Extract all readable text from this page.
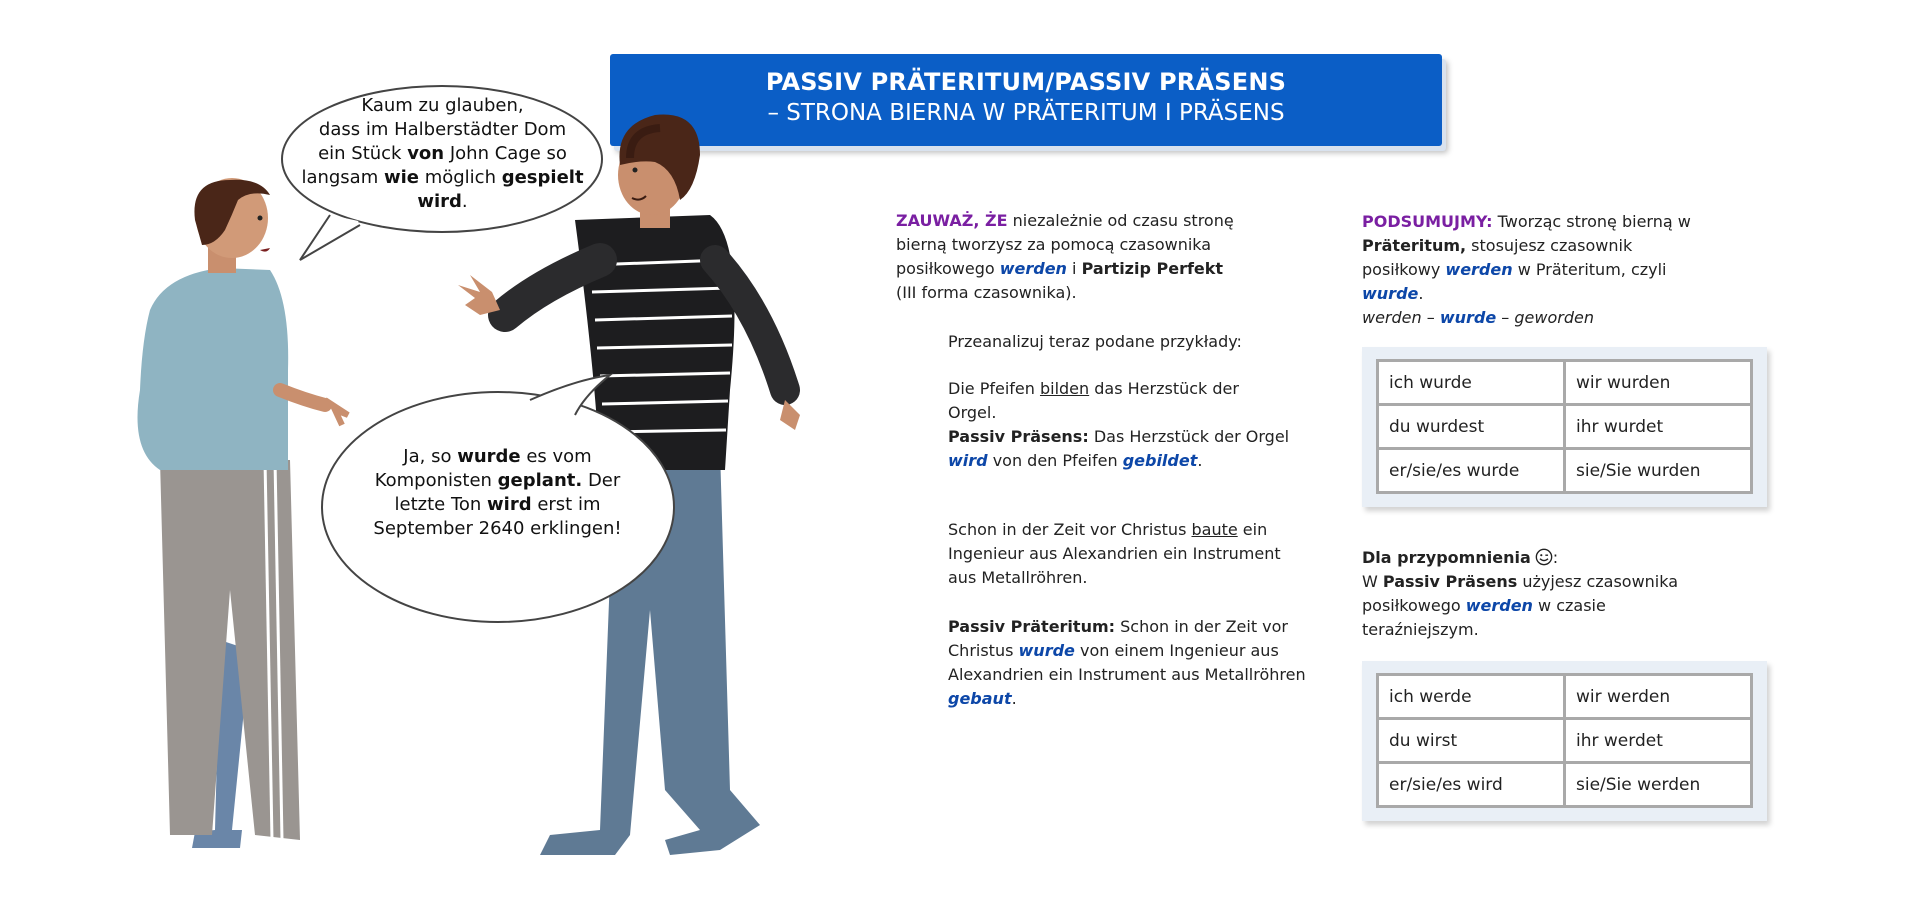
PASSIV PRÄTERITUM/PASSIV PRÄSENS
– STRONA BIERNA W PRÄTERITUM I PRÄSENS
Kaum zu glauben,
dass im Halberstädter Dom
ein Stück von John Cage so
langsam wie möglich gespielt
wird.
Ja, so wurde es vom
Komponisten geplant. Der
letzte Ton wird erst im
September 2640 erklingen!
ZAUWAŻ, ŻE niezależnie od czasu stronę
bierną tworzysz za pomocą czasownika
posiłkowego werden i Partizip Perfekt
(III forma czasownika).
Przeanalizuj teraz podane przykłady:
Die Pfeifen bilden das Herzstück der
Orgel.
Passiv Präsens: Das Herzstück der Orgel
wird von den Pfeifen gebildet.
Schon in der Zeit vor Christus baute ein
Ingenieur aus Alexandrien ein Instrument
aus Metallröhren.
Passiv Präteritum: Schon in der Zeit vor
Christus wurde von einem Ingenieur aus
Alexandrien ein Instrument aus Metallröhren
gebaut.
PODSUMUJMY: Tworząc stronę bierną w
Präteritum, stosujesz czasownik
posiłkowy werden w Präteritum, czyli
wurde.
werden – wurde – geworden
ich wurde	wir wurden
du wurdest	ihr wurdet
er/sie/es wurde	sie/Sie wurden
Dla przypomnienia :
W Passiv Präsens użyjesz czasownika
posiłkowego werden w czasie
teraźniejszym.
ich werde	wir werden
du wirst	ihr werdet
er/sie/es wird	sie/Sie werden
